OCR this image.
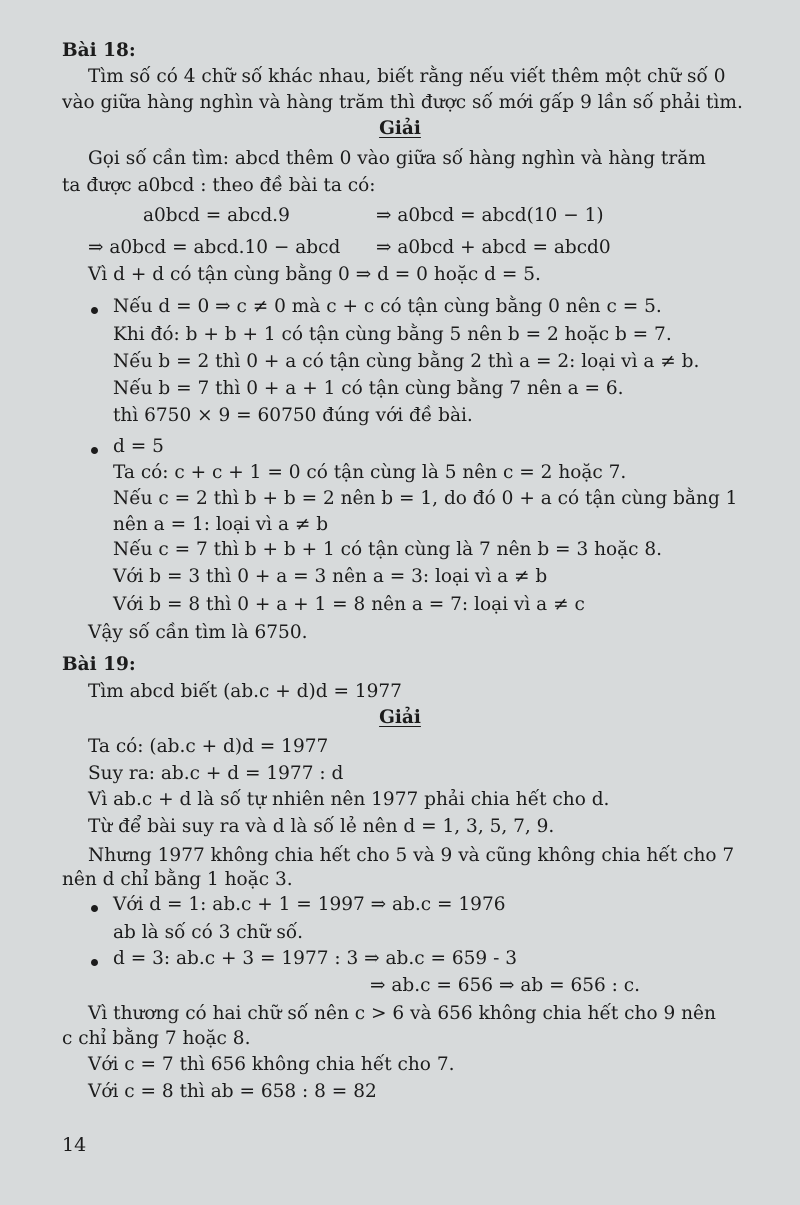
Bài 18:
Tìm số có 4 chữ số khác nhau, biết rằng nếu viết thêm một chữ số 0
vào giữa hàng nghìn và hàng trăm thì được số mới gấp 9 lần số phải tìm.
Giải
Gọi số cần tìm: abcd thêm 0 vào giữa số hàng nghìn và hàng trăm
ta được a0bcd : theo đề bài ta có:
a0bcd = abcd.9	⇒ a0bcd = abcd(10 − 1)
⇒ a0bcd = abcd.10 − abcd ⇒ a0bcd + abcd = abcd0
Vì d + d có tận cùng bằng 0 ⇒ d = 0 hoặc d = 5.
Nếu d = 0 ⇒ c ≠ 0 mà c + c có tận cùng bằng 0 nên c = 5.
Khi đó: b + b + 1 có tận cùng bằng 5 nên b = 2 hoặc b = 7.
Nếu b = 2 thì 0 + a có tận cùng bằng 2 thì a = 2: loại vì a ≠ b.
Nếu b = 7 thì 0 + a + 1 có tận cùng bằng 7 nên a = 6.
thì 6750 × 9 = 60750 đúng với đề bài.
d = 5
Ta có: c + c + 1 = 0 có tận cùng là 5 nên c = 2 hoặc 7.
Nếu c = 2 thì b + b = 2 nên b = 1, do đó 0 + a có tận cùng bằng 1
nên a = 1: loại vì a ≠ b
Nếu c = 7 thì b + b + 1 có tận cùng là 7 nên b = 3 hoặc 8.
Với b = 3 thì 0 + a = 3 nên a = 3: loại vì a ≠ b
Với b = 8 thì 0 + a + 1 = 8 nên a = 7: loại vì a ≠ c
Vậy số cần tìm là 6750.
Bài 19:
Tìm abcd biết (ab.c + d)d = 1977
Giải
Ta có: (ab.c + d)d = 1977
Suy ra: ab.c + d = 1977 : d
Vì ab.c + d là số tự nhiên nên 1977 phải chia hết cho d.
Từ để bài suy ra và d là số lẻ nên d = 1, 3, 5, 7, 9.
Nhưng 1977 không chia hết cho 5 và 9 và cũng không chia hết cho 7
nên d chỉ bằng 1 hoặc 3.
Với d = 1: ab.c + 1 = 1997 ⇒ ab.c = 1976
ab là số có 3 chữ số.
d = 3: ab.c + 3 = 1977 : 3 ⇒ ab.c = 659 - 3
⇒ ab.c = 656 ⇒ ab = 656 : c.
Vì thương có hai chữ số nên c > 6 và 656 không chia hết cho 9 nên
c chỉ bằng 7 hoặc 8.
Với c = 7 thì 656 không chia hết cho 7.
Với c = 8 thì ab = 658 : 8 = 82
14
